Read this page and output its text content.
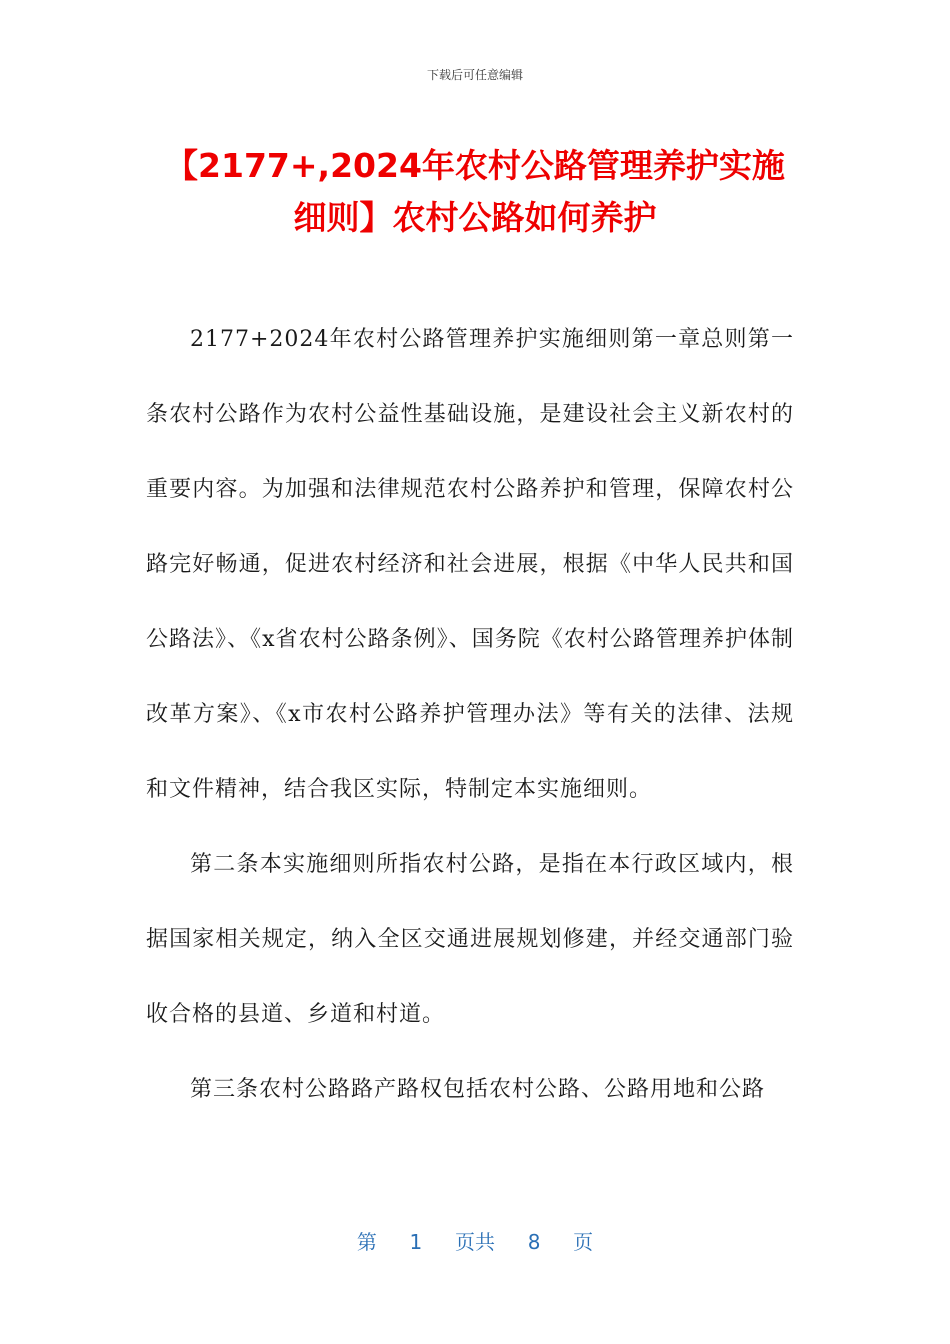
下载后可任意编辑
【2177+,2024年农村公路管理养护实施细则】农村公路如何养护

2177+2024年农村公路管理养护实施细则第一章总则第一条农村公路作为农村公益性基础设施，是建设社会主义新农村的重要内容。为加强和法律规范农村公路养护和管理，保障农村公路完好畅通，促进农村经济和社会进展，根据《中华人民共和国公路法》、《x省农村公路条例》、国务院《农村公路管理养护体制改革方案》、《x市农村公路养护管理办法》等有关的法律、法规和文件精神，结合我区实际，特制定本实施细则。

第二条本实施细则所指农村公路，是指在本行政区域内，根据国家相关规定，纳入全区交通进展规划修建，并经交通部门验收合格的县道、乡道和村道。

第三条农村公路路产路权包括农村公路、公路用地和公路

第 1 页共 8 页
